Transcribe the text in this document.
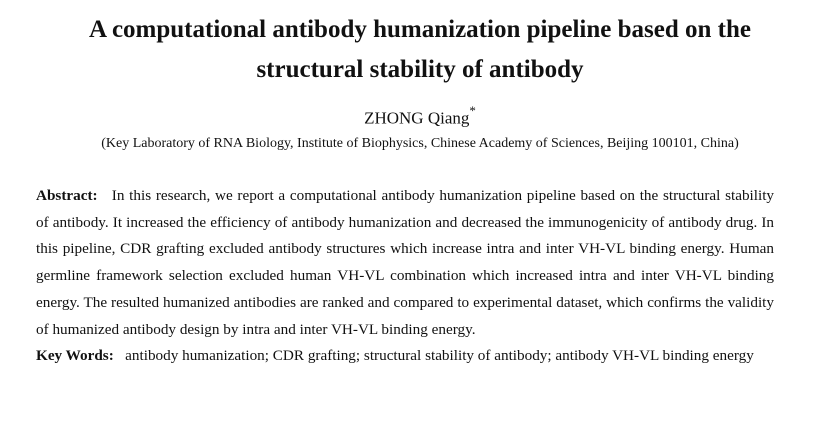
A computational antibody humanization pipeline based on the
structural stability of antibody
ZHONG Qiang*
(Key Laboratory of RNA Biology, Institute of Biophysics, Chinese Academy of Sciences, Beijing 100101, China)

Abstract: In this research, we report a computational antibody humanization pipeline based on the structural stability of antibody. It increased the efficiency of antibody humanization and decreased the immunogenicity of antibody drug. In this pipeline, CDR grafting excluded antibody structures which increase intra and inter VH-VL binding energy. Human germline framework selection excluded human VH-VL combination which increased intra and inter VH-VL binding energy. The resulted humanized antibodies are ranked and compared to experimental dataset, which confirms the validity of humanized antibody design by intra and inter VH-VL binding energy.

Key Words: antibody humanization; CDR grafting; structural stability of antibody; antibody VH-VL binding energy
